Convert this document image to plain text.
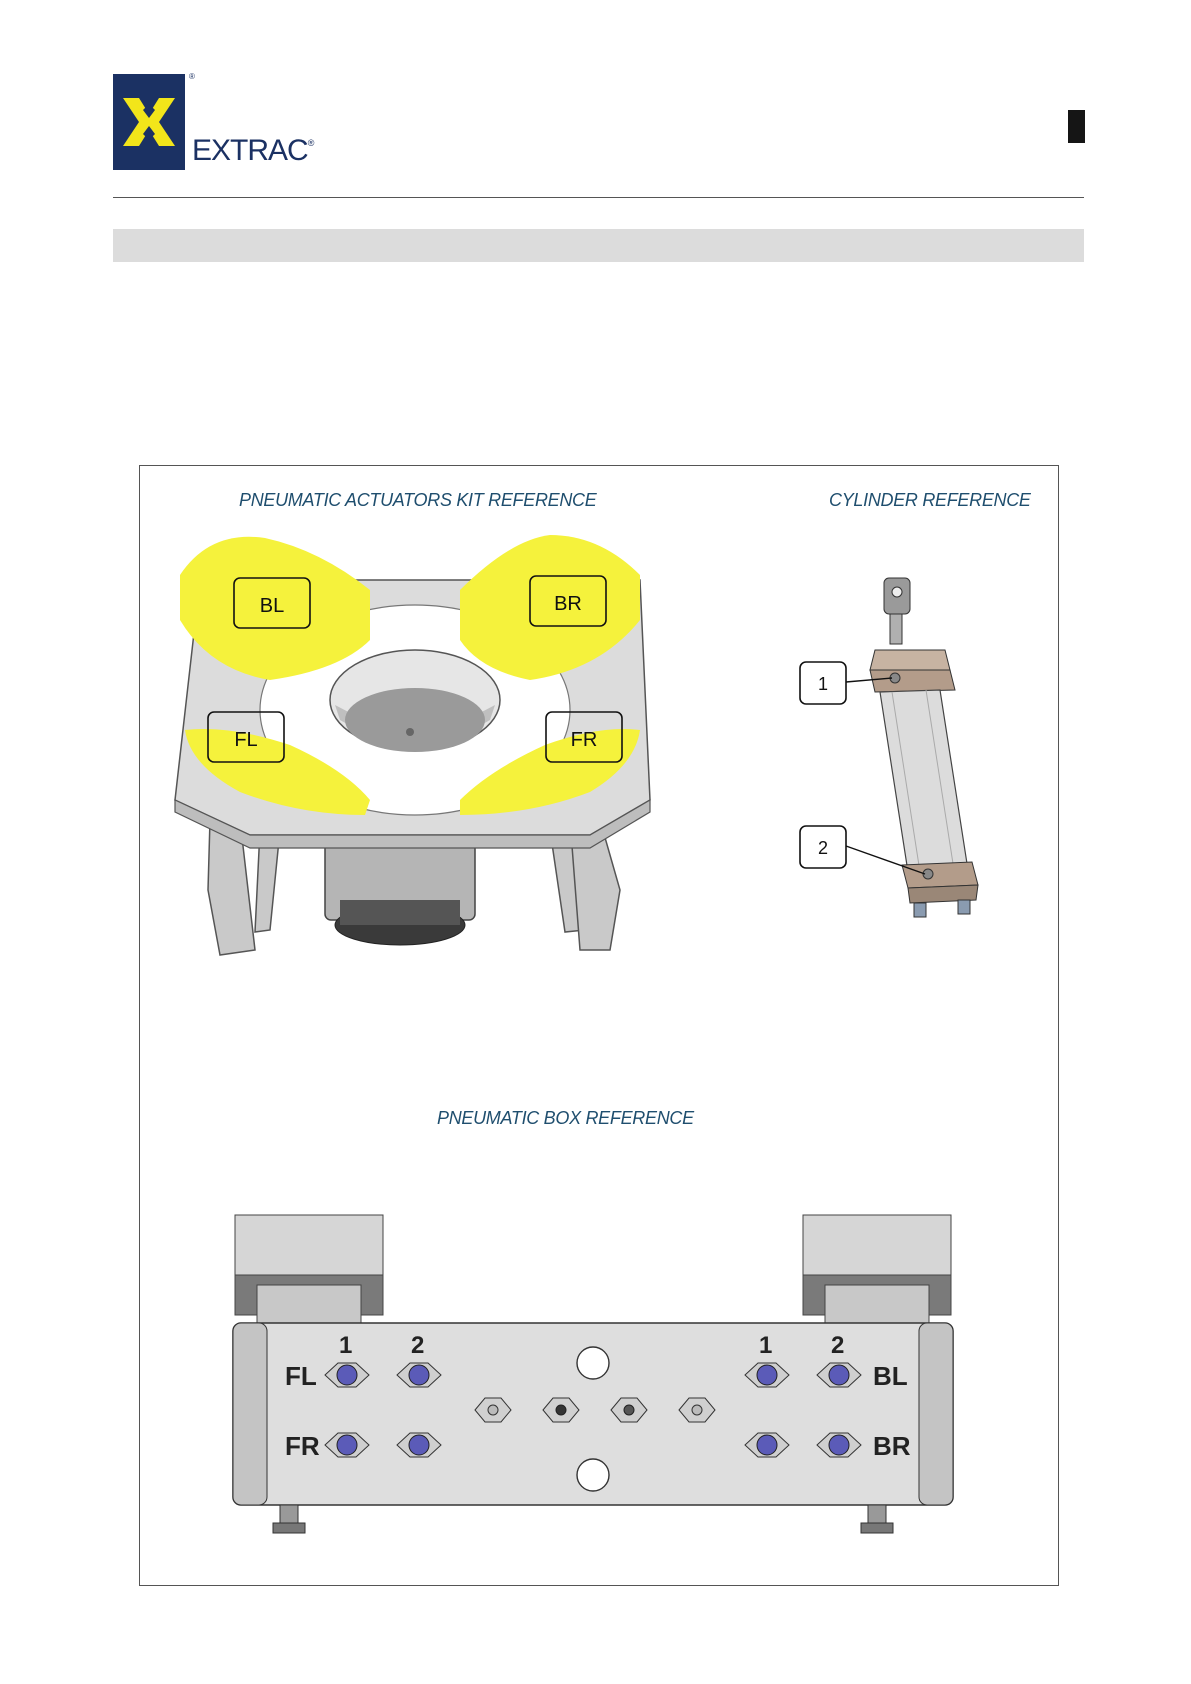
®
EXTRAC®
PNEUMATIC ACTUATORS KIT REFERENCE	CYLINDER REFERENCE
PNEUMATIC BOX REFERENCE
BL	BR
FL	FR
1
2
FL
FR
BL
BR
1 2	1 2
